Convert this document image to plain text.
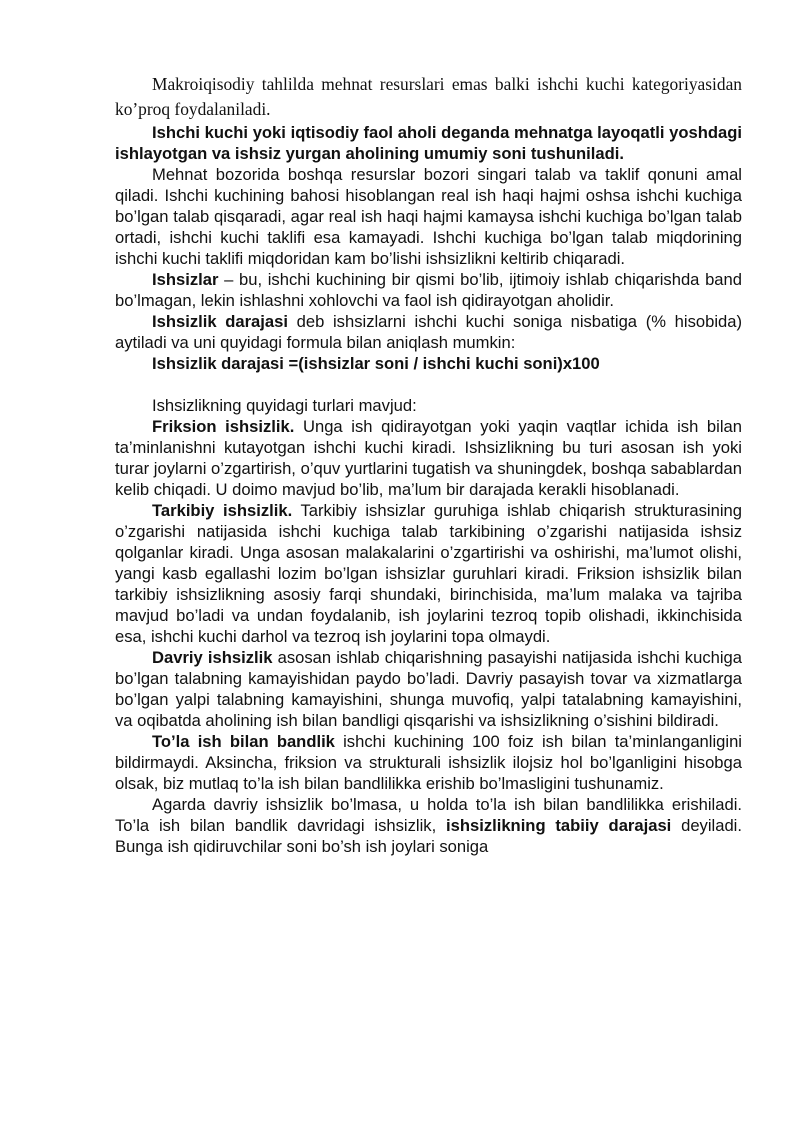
Makroiqisodiy tahlilda mehnat resurslari emas balki ishchi kuchi kategoriyasidan ko’proq foydalaniladi.

Ishchi kuchi yoki iqtisodiy faol aholi deganda mehnatga layoqatli yoshdagi ishlayotgan va ishsiz yurgan aholining umumiy soni tushuniladi.

Mehnat bozorida boshqa resurslar bozori singari talab va taklif qonuni amal qiladi. Ishchi kuchining bahosi hisoblangan real ish haqi hajmi oshsa ishchi kuchiga bo’lgan talab qisqaradi, agar real ish haqi hajmi kamaysa ishchi kuchiga bo’lgan talab ortadi, ishchi kuchi taklifi esa kamayadi. Ishchi kuchiga bo’lgan talab miqdorining ishchi kuchi taklifi miqdoridan kam bo’lishi ishsizlikni keltirib chiqaradi.

Ishsizlar – bu, ishchi kuchining bir qismi bo’lib, ijtimoiy ishlab chiqarishda band bo’lmagan, lekin ishlashni xohlovchi va faol ish qidirayotgan aholidir.

Ishsizlik darajasi deb ishsizlarni ishchi kuchi soniga nisbatiga (% hisobida) aytiladi va uni quyidagi formula bilan aniqlash mumkin:

Ishsizlik darajasi =(ishsizlar soni / ishchi kuchi soni)x100

Ishsizlikning quyidagi turlari mavjud:

Friksion ishsizlik. Unga ish qidirayotgan yoki yaqin vaqtlar ichida ish bilan ta’minlanishni kutayotgan ishchi kuchi kiradi. Ishsizlikning bu turi asosan ish yoki turar joylarni o’zgartirish, o’quv yurtlarini tugatish va shuningdek, boshqa sabablardan kelib chiqadi. U doimo mavjud bo’lib, ma’lum bir darajada kerakli hisoblanadi.

Tarkibiy ishsizlik. Tarkibiy ishsizlar guruhiga ishlab chiqarish strukturasining o’zgarishi natijasida ishchi kuchiga talab tarkibining o’zgarishi natijasida ishsiz qolganlar kiradi. Unga asosan malakalarini o’zgartirishi va oshirishi, ma’lumot olishi, yangi kasb egallashi lozim bo’lgan ishsizlar guruhlari kiradi. Friksion ishsizlik bilan tarkibiy ishsizlikning asosiy farqi shundaki, birinchisida, ma’lum malaka va tajriba mavjud bo’ladi va undan foydalanib, ish joylarini tezroq topib olishadi, ikkinchisida esa, ishchi kuchi darhol va tezroq ish joylarini topa olmaydi.

Davriy ishsizlik asosan ishlab chiqarishning pasayishi natijasida ishchi kuchiga bo’lgan talabning kamayishidan paydo bo’ladi. Davriy pasayish tovar va xizmatlarga bo’lgan yalpi talabning kamayishini, shunga muvofiq, yalpi tatalabning kamayishini, va oqibatda aholining ish bilan bandligi qisqarishi va ishsizlikning o’sishini bildiradi.

To’la ish bilan bandlik ishchi kuchining 100 foiz ish bilan ta’minlanganligini bildirmaydi. Aksincha, friksion va strukturali ishsizlik ilojsiz hol bo’lganligini hisobga olsak, biz mutlaq to’la ish bilan bandlilikka erishib bo’lmasligini tushunamiz.

Agarda davriy ishsizlik bo’lmasa, u holda to’la ish bilan bandlilikka erishiladi. To’la ish bilan bandlik davridagi ishsizlik, ishsizlikning tabiiy darajasi deyiladi. Bunga ish qidiruvchilar soni bo’sh ish joylari soniga
